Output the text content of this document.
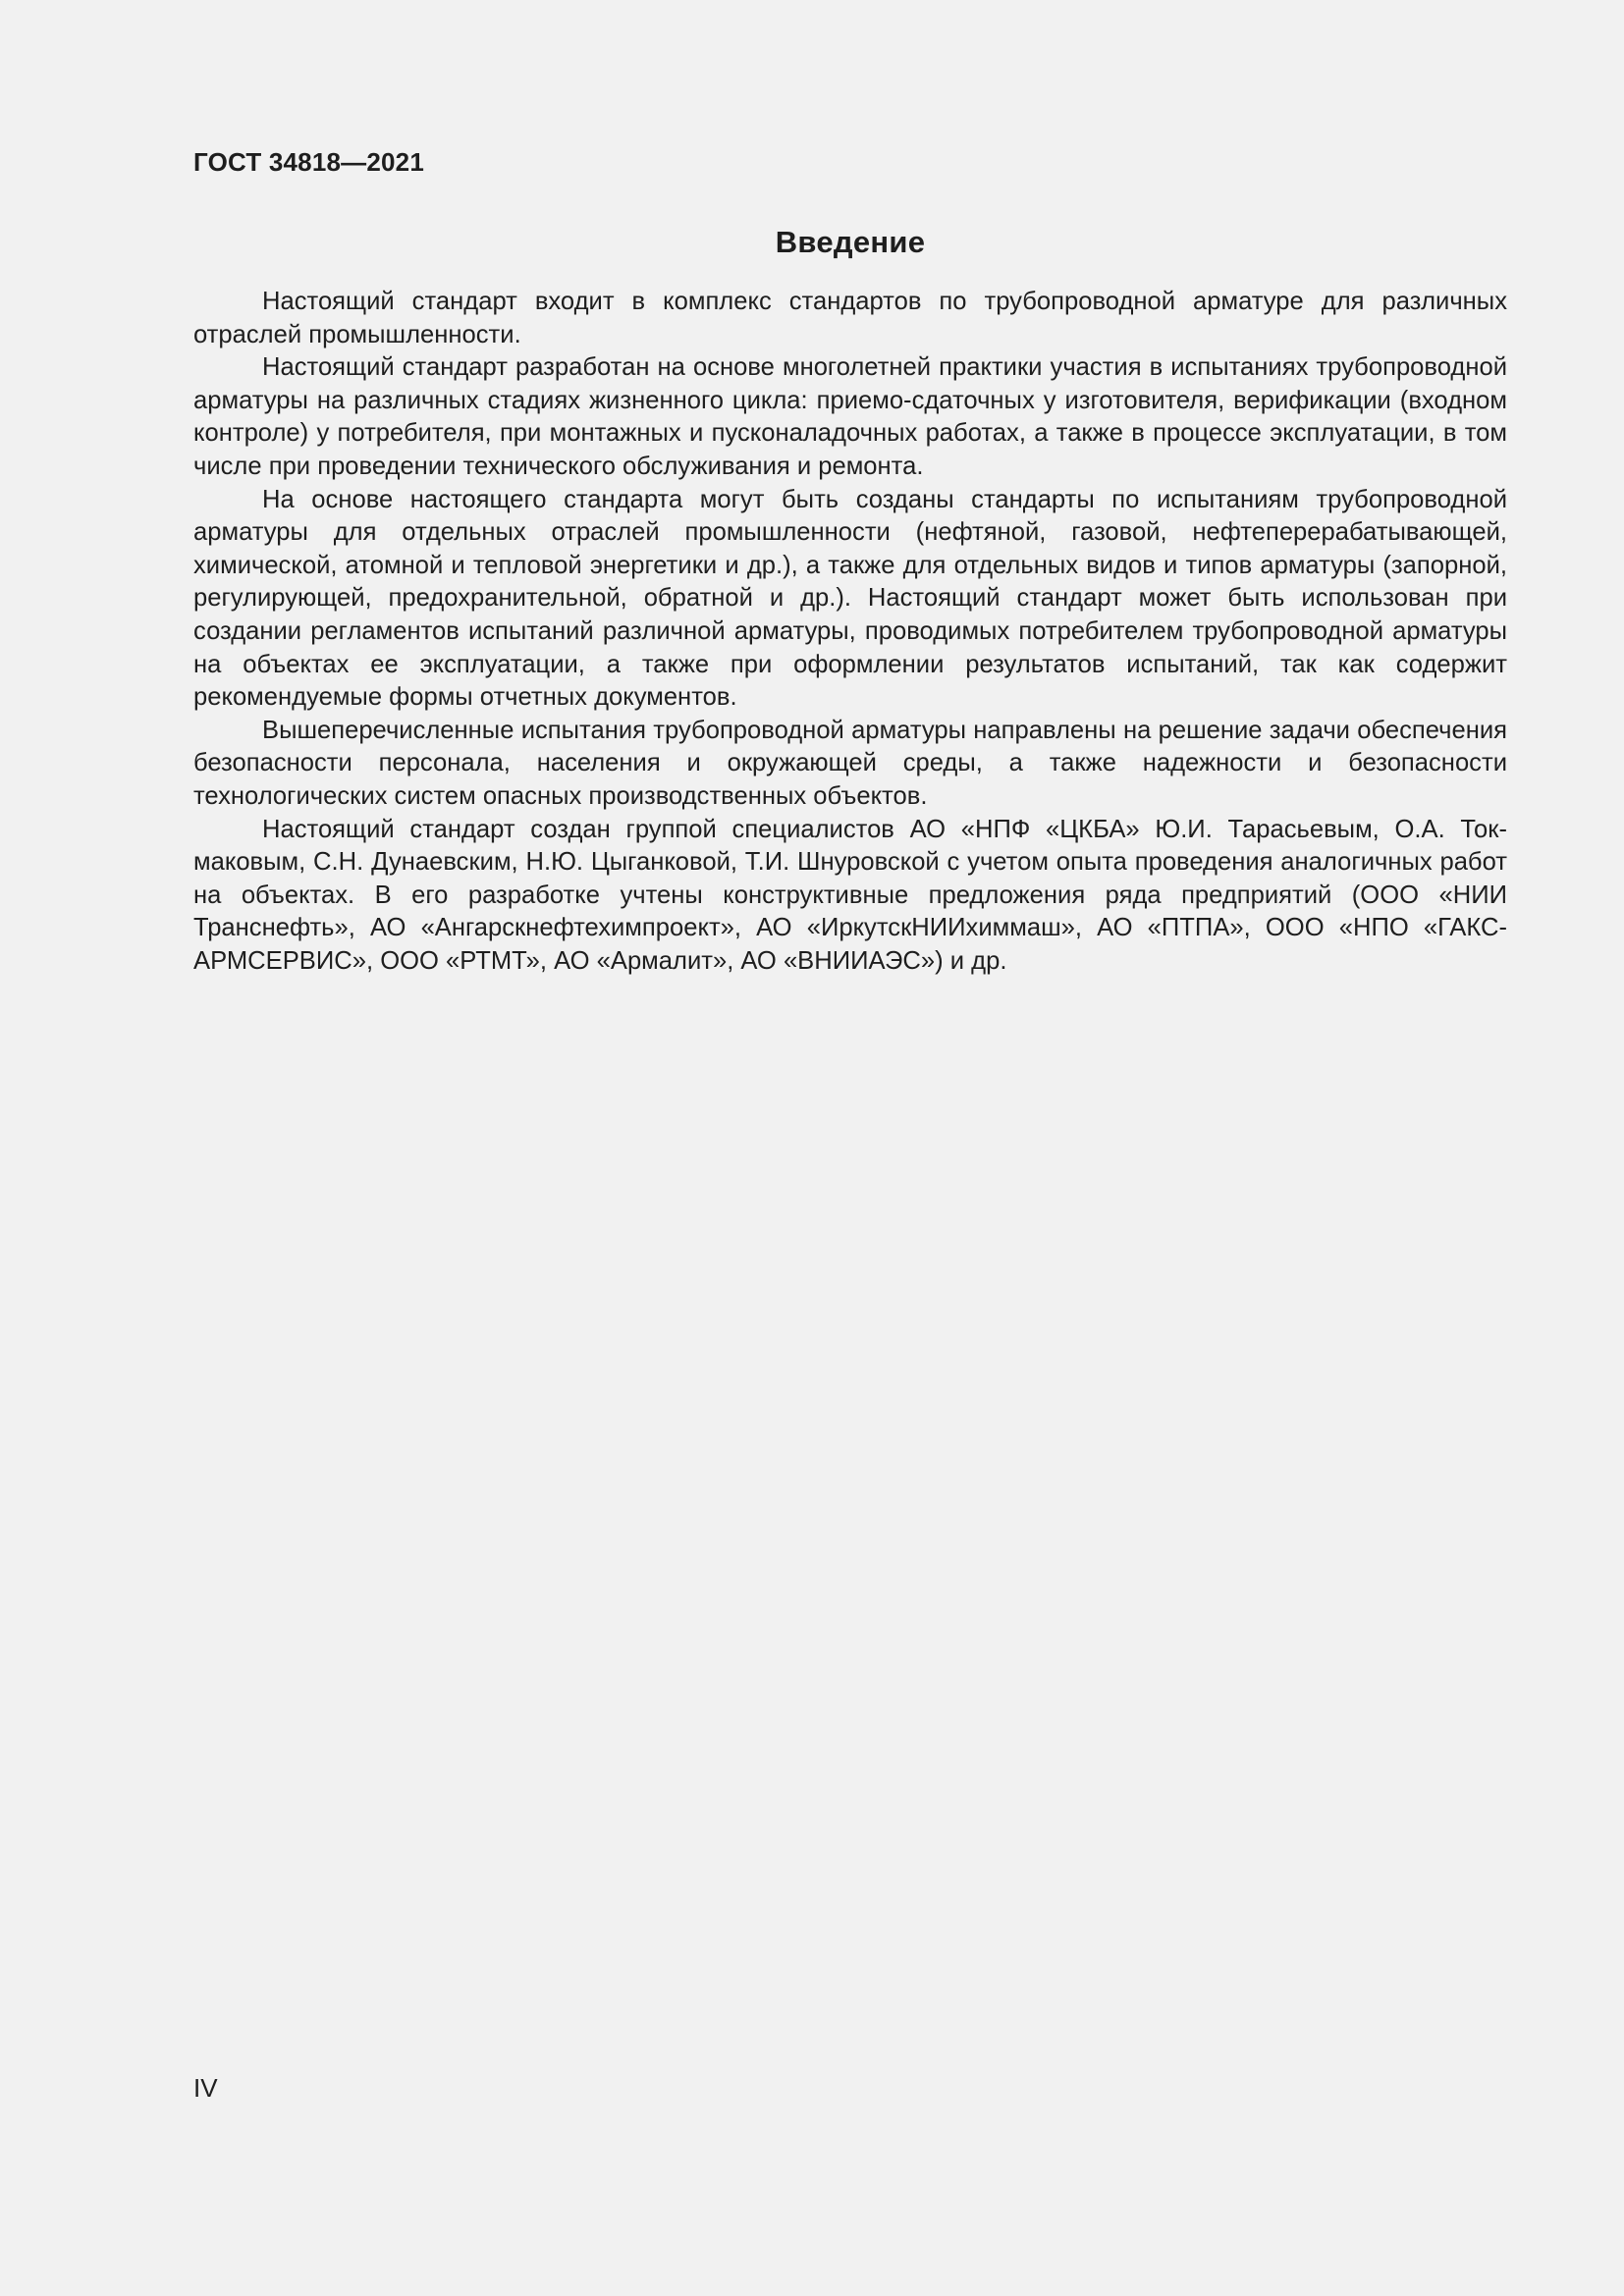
ГОСТ 34818—2021
Введение

Настоящий стандарт входит в комплекс стандартов по трубопроводной арматуре для различных отраслей промышленности.

Настоящий стандарт разработан на основе многолетней практики участия в испытаниях трубопроводной арматуры на различных стадиях жизненного цикла: приемо-сдаточных у изготовителя, верификации (входном контроле) у потребителя, при монтажных и пусконаладочных работах, а также в процессе эксплуатации, в том числе при проведении технического обслуживания и ремонта.

На основе настоящего стандарта могут быть созданы стандарты по испытаниям трубопроводной арматуры для отдельных отраслей промышленности (нефтяной, газовой, нефтеперерабатывающей, химической, атомной и тепловой энергетики и др.), а также для отдельных видов и типов арматуры (запорной, регулирующей, предохранительной, обратной и др.). Настоящий стандарт может быть использован при создании регламентов испытаний различной арматуры, проводимых потребителем трубопроводной арматуры на объектах ее эксплуатации, а также при оформлении результатов испытаний, так как содержит рекомендуемые формы отчетных документов.

Вышеперечисленные испытания трубопроводной арматуры направлены на решение задачи обеспечения безопасности персонала, населения и окружающей среды, а также надежности и безопасности технологических систем опасных производственных объектов.

Настоящий стандарт создан группой специалистов АО «НПФ «ЦКБА» Ю.И. Тарасьевым, О.А. Токмаковым, С.Н. Дунаевским, Н.Ю. Цыганковой, Т.И. Шнуровской с учетом опыта проведения аналогичных работ на объектах. В его разработке учтены конструктивные предложения ряда предприятий (ООО «НИИ Транснефть», АО «Ангарскнефтехимпроект», АО «ИркутскНИИхиммаш», АО «ПТПА», ООО «НПО «ГАКС-АРМСЕРВИС», ООО «РТМТ», АО «Армалит», АО «ВНИИАЭС») и др.

IV
